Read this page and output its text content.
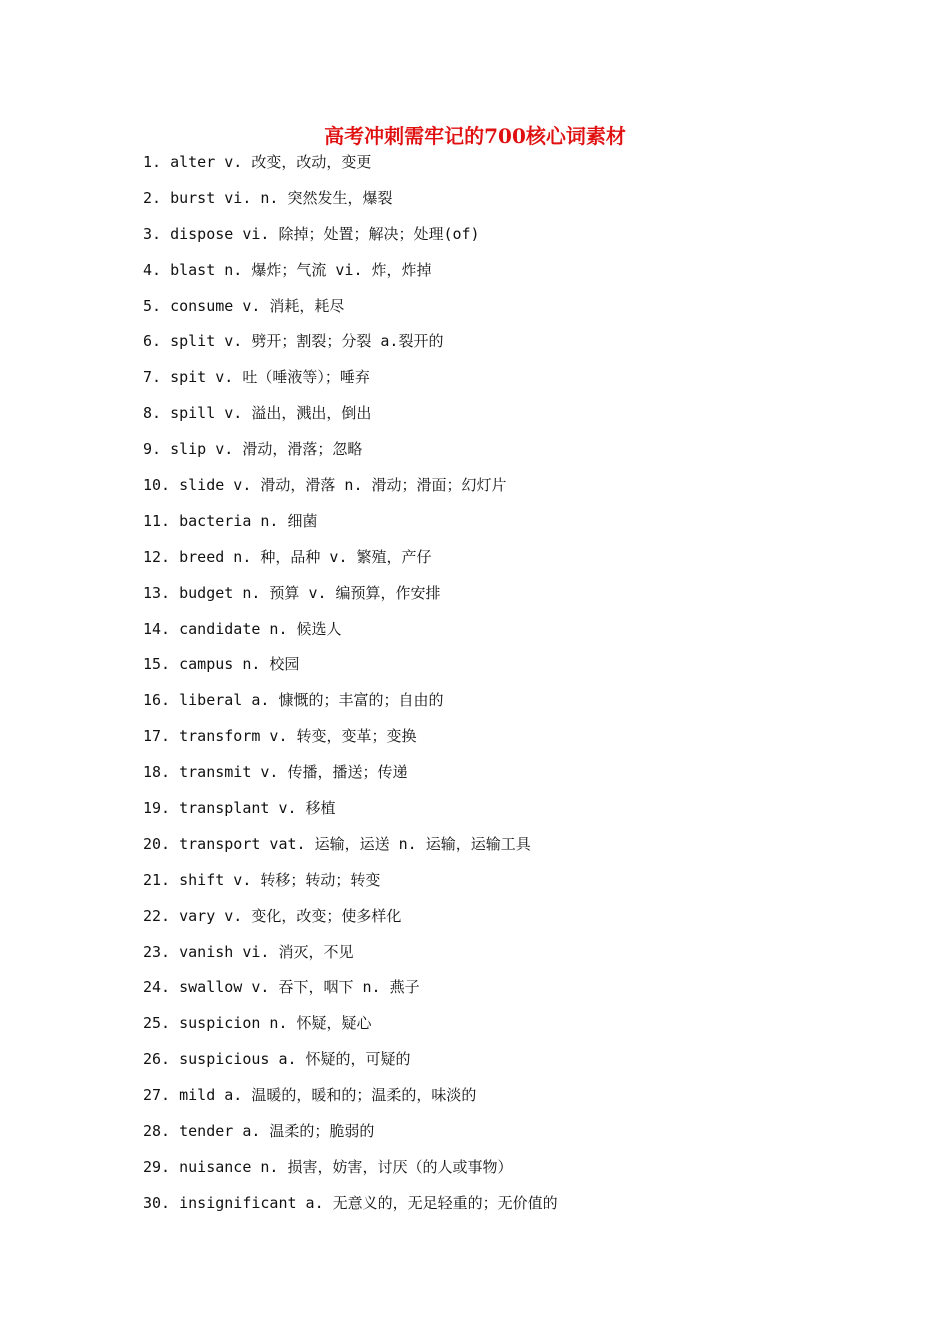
高考冲刺需牢记的700核心词素材
1. alter v. 改变，改动，变更
2. burst vi. n. 突然发生，爆裂
3. dispose vi. 除掉；处置；解决；处理(of)
4. blast n. 爆炸；气流 vi. 炸，炸掉
5. consume v. 消耗，耗尽
6. split v. 劈开；割裂；分裂 a.裂开的
7. spit v. 吐（唾液等）；唾弃
8. spill v. 溢出，溅出，倒出
9. slip v. 滑动，滑落；忽略
10. slide v. 滑动，滑落 n. 滑动；滑面；幻灯片
11. bacteria n. 细菌
12. breed n. 种，品种 v. 繁殖，产仔
13. budget n. 预算 v. 编预算，作安排
14. candidate n. 候选人
15. campus n. 校园
16. liberal a. 慷慨的；丰富的；自由的
17. transform v. 转变，变革；变换
18. transmit v. 传播，播送；传递
19. transplant v. 移植
20. transport vat. 运输，运送 n. 运输，运输工具
21. shift v. 转移；转动；转变
22. vary v. 变化，改变；使多样化
23. vanish vi. 消灭，不见
24. swallow v. 吞下，咽下 n. 燕子
25. suspicion n. 怀疑，疑心
26. suspicious a. 怀疑的，可疑的
27. mild a. 温暖的，暖和的；温柔的，味淡的
28. tender a. 温柔的；脆弱的
29. nuisance n. 损害，妨害，讨厌（的人或事物）
30. insignificant a. 无意义的，无足轻重的；无价值的
